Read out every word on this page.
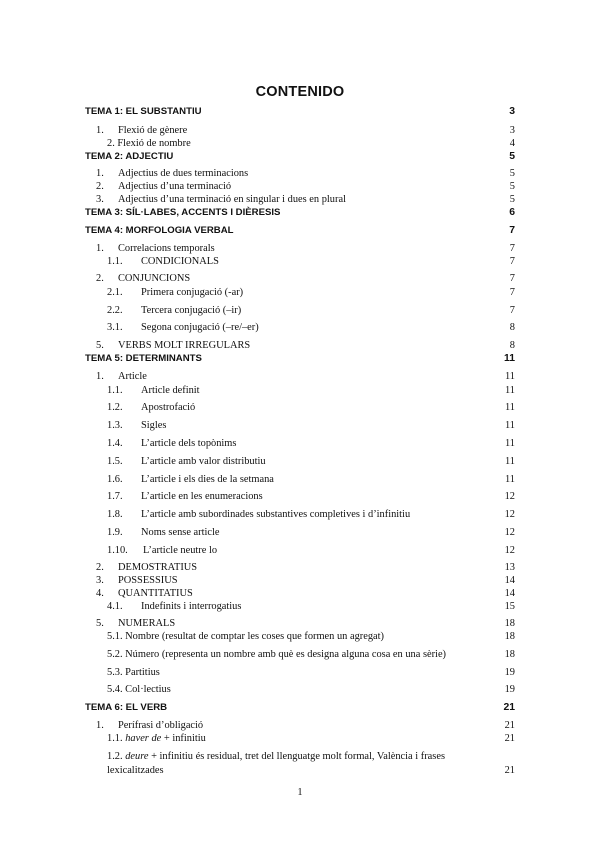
CONTENIDO
TEMA 1: EL SUBSTANTIU	3
1. Flexió de gènere	3
2. Flexió de nombre	4
TEMA 2: ADJECTIU	5
1. Adjectius de dues terminacions	5
2. Adjectius d’una terminació	5
3. Adjectius d’una terminació en singular i dues en plural	5
TEMA 3: SÍL·LABES, ACCENTS I DIÈRESIS	6
TEMA 4: MORFOLOGIA VERBAL	7
1. Correlacions temporals	7
1.1. CONDICIONALS	7
2. CONJUNCIONS	7
2.1. Primera conjugació (-ar)	7
2.2. Tercera conjugació (–ir)	7
3.1. Segona conjugació (–re/–er)	8
5. VERBS MOLT IRREGULARS	8
TEMA 5: DETERMINANTS	11
1. Article	11
1.1. Article definit	11
1.2. Apostrofació	11
1.3. Sigles	11
1.4. L’article dels topònims	11
1.5. L’article amb valor distributiu	11
1.6. L’article i els dies de la setmana	11
1.7. L’article en les enumeracions	12
1.8. L’article amb subordinades substantives completives i d’infinitiu	12
1.9. Noms sense article	12
1.10. L’article neutre lo	12
2. DEMOSTRATIUS	13
3. POSSESSIUS	14
4. QUANTITATIUS	14
4.1. Indefinits i interrogatius	15
5. NUMERALS	18
5.1. Nombre (resultat de comptar les coses que formen un agregat)	18
5.2. Número (representa un nombre amb què es designa alguna cosa en una sèrie)	18
5.3. Partitius	19
5.4. Col·lectius	19
TEMA 6: EL VERB	21
1. Perífrasi d’obligació	21
1.1. haver de + infinitiu	21
1.2. deure + infinitiu és residual, tret del llenguatge molt formal, València i frases lexicalitzades	21
1
